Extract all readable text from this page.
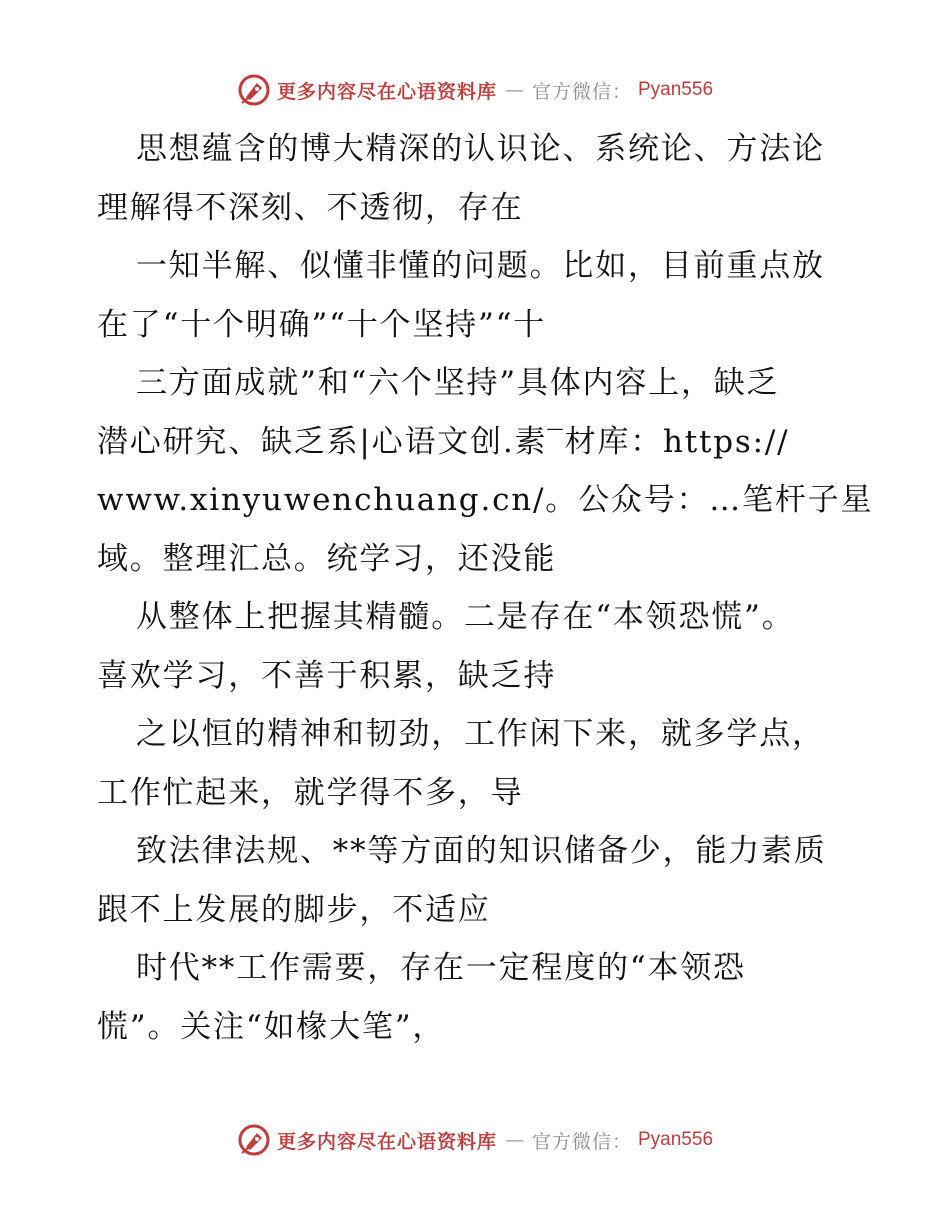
更多内容尽在心语资料库 — 官方微信： Pyan556
思想蕴含的博大精深的认识论、系统论、方法论
理解得不深刻、不透彻，存在
一知半解、似懂非懂的问题。比如，目前重点放
在了“十个明确”“十个坚持”“十
三方面成就”和“六个坚持”具体内容上，缺乏
潜心研究、缺乏系|心语文创.素‾材库：https://
www.xinyuwenchuang.cn/。公众号：…笔杆子星
域。整理汇总。统学习，还没能
从整体上把握其精髓。二是存在“本领恐慌”。
喜欢学习，不善于积累，缺乏持
之以恒的精神和韧劲，工作闲下来，就多学点，
工作忙起来，就学得不多，导
致法律法规、**等方面的知识储备少，能力素质
跟不上发展的脚步，不适应
时代**工作需要，存在一定程度的“本领恐
慌”。关注“如椽大笔”，
更多内容尽在心语资料库 — 官方微信： Pyan556
